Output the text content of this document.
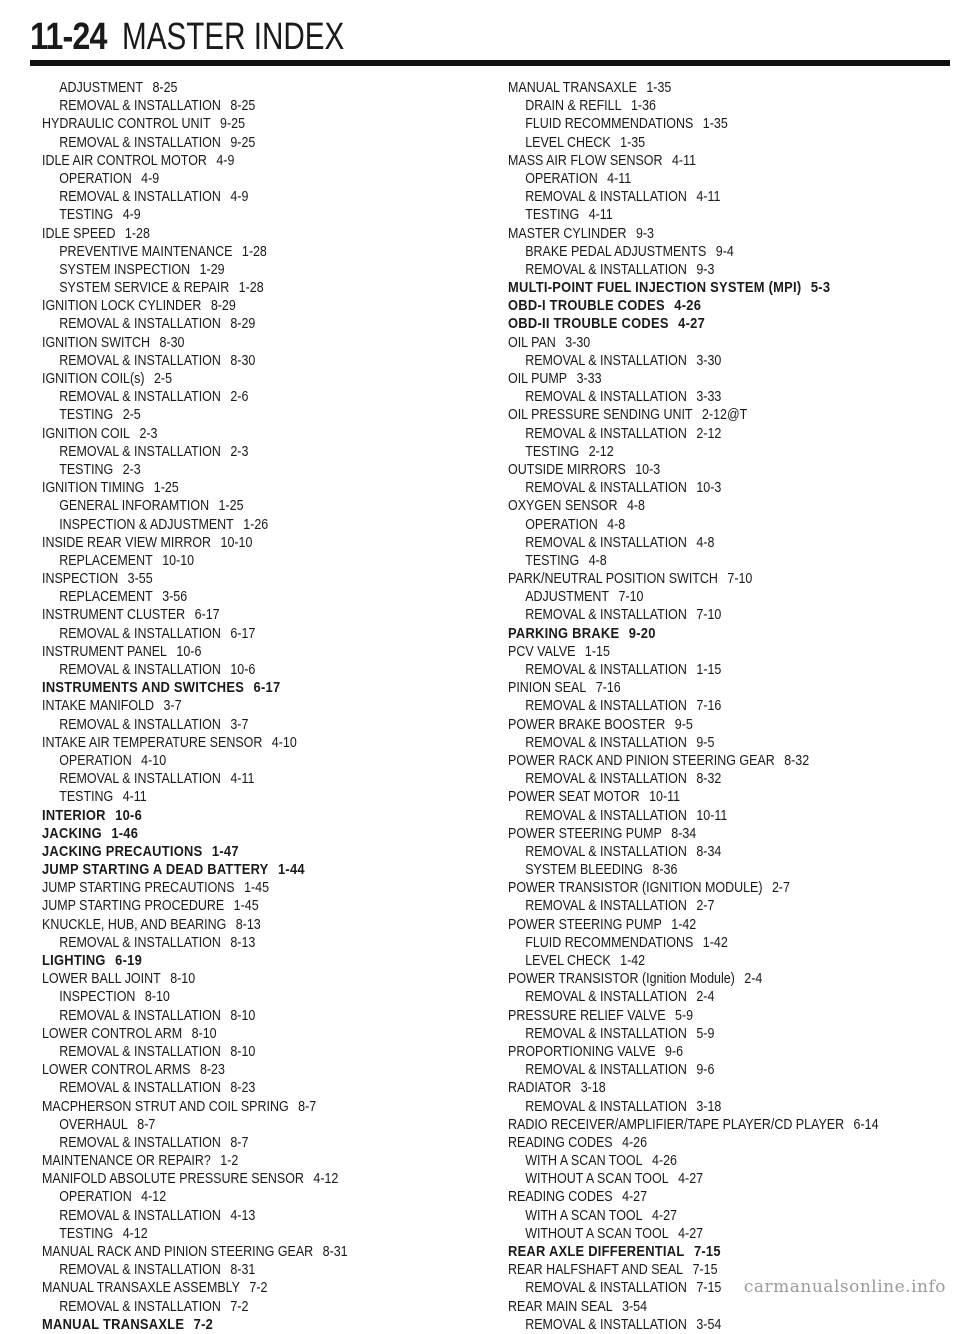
11-24 MASTER INDEX
ADJUSTMENT 8-25
REMOVAL & INSTALLATION 8-25
HYDRAULIC CONTROL UNIT 9-25
REMOVAL & INSTALLATION 9-25
IDLE AIR CONTROL MOTOR 4-9
OPERATION 4-9
REMOVAL & INSTALLATION 4-9
TESTING 4-9
IDLE SPEED 1-28
PREVENTIVE MAINTENANCE 1-28
SYSTEM INSPECTION 1-29
SYSTEM SERVICE & REPAIR 1-28
IGNITION LOCK CYLINDER 8-29
REMOVAL & INSTALLATION 8-29
IGNITION SWITCH 8-30
REMOVAL & INSTALLATION 8-30
IGNITION COIL(s) 2-5
REMOVAL & INSTALLATION 2-6
TESTING 2-5
IGNITION COIL 2-3
REMOVAL & INSTALLATION 2-3
TESTING 2-3
IGNITION TIMING 1-25
GENERAL INFORAMTION 1-25
INSPECTION & ADJUSTMENT 1-26
INSIDE REAR VIEW MIRROR 10-10
REPLACEMENT 10-10
INSPECTION 3-55
REPLACEMENT 3-56
INSTRUMENT CLUSTER 6-17
REMOVAL & INSTALLATION 6-17
INSTRUMENT PANEL 10-6
REMOVAL & INSTALLATION 10-6
INSTRUMENTS AND SWITCHES 6-17
INTAKE MANIFOLD 3-7
REMOVAL & INSTALLATION 3-7
INTAKE AIR TEMPERATURE SENSOR 4-10
OPERATION 4-10
REMOVAL & INSTALLATION 4-11
TESTING 4-11
INTERIOR 10-6
JACKING 1-46
JACKING PRECAUTIONS 1-47
JUMP STARTING A DEAD BATTERY 1-44
JUMP STARTING PRECAUTIONS 1-45
JUMP STARTING PROCEDURE 1-45
KNUCKLE, HUB, AND BEARING 8-13
REMOVAL & INSTALLATION 8-13
LIGHTING 6-19
LOWER BALL JOINT 8-10
INSPECTION 8-10
REMOVAL & INSTALLATION 8-10
LOWER CONTROL ARM 8-10
REMOVAL & INSTALLATION 8-10
LOWER CONTROL ARMS 8-23
REMOVAL & INSTALLATION 8-23
MACPHERSON STRUT AND COIL SPRING 8-7
OVERHAUL 8-7
REMOVAL & INSTALLATION 8-7
MAINTENANCE OR REPAIR? 1-2
MANIFOLD ABSOLUTE PRESSURE SENSOR 4-12
OPERATION 4-12
REMOVAL & INSTALLATION 4-13
TESTING 4-12
MANUAL RACK AND PINION STEERING GEAR 8-31
REMOVAL & INSTALLATION 8-31
MANUAL TRANSAXLE ASSEMBLY 7-2
REMOVAL & INSTALLATION 7-2
MANUAL TRANSAXLE 7-2
MANUAL TRANSAXLE 1-35
DRAIN & REFILL 1-36
FLUID RECOMMENDATIONS 1-35
LEVEL CHECK 1-35
MASS AIR FLOW SENSOR 4-11
OPERATION 4-11
REMOVAL & INSTALLATION 4-11
TESTING 4-11
MASTER CYLINDER 9-3
BRAKE PEDAL ADJUSTMENTS 9-4
REMOVAL & INSTALLATION 9-3
MULTI-POINT FUEL INJECTION SYSTEM (MPI) 5-3
OBD-I TROUBLE CODES 4-26
OBD-II TROUBLE CODES 4-27
OIL PAN 3-30
REMOVAL & INSTALLATION 3-30
OIL PUMP 3-33
REMOVAL & INSTALLATION 3-33
OIL PRESSURE SENDING UNIT 2-12@T
REMOVAL & INSTALLATION 2-12
TESTING 2-12
OUTSIDE MIRRORS 10-3
REMOVAL & INSTALLATION 10-3
OXYGEN SENSOR 4-8
OPERATION 4-8
REMOVAL & INSTALLATION 4-8
TESTING 4-8
PARK/NEUTRAL POSITION SWITCH 7-10
ADJUSTMENT 7-10
REMOVAL & INSTALLATION 7-10
PARKING BRAKE 9-20
PCV VALVE 1-15
REMOVAL & INSTALLATION 1-15
PINION SEAL 7-16
REMOVAL & INSTALLATION 7-16
POWER BRAKE BOOSTER 9-5
REMOVAL & INSTALLATION 9-5
POWER RACK AND PINION STEERING GEAR 8-32
REMOVAL & INSTALLATION 8-32
POWER SEAT MOTOR 10-11
REMOVAL & INSTALLATION 10-11
POWER STEERING PUMP 8-34
REMOVAL & INSTALLATION 8-34
SYSTEM BLEEDING 8-36
POWER TRANSISTOR (IGNITION MODULE) 2-7
REMOVAL & INSTALLATION 2-7
POWER STEERING PUMP 1-42
FLUID RECOMMENDATIONS 1-42
LEVEL CHECK 1-42
POWER TRANSISTOR (Ignition Module) 2-4
REMOVAL & INSTALLATION 2-4
PRESSURE RELIEF VALVE 5-9
REMOVAL & INSTALLATION 5-9
PROPORTIONING VALVE 9-6
REMOVAL & INSTALLATION 9-6
RADIATOR 3-18
REMOVAL & INSTALLATION 3-18
RADIO RECEIVER/AMPLIFIER/TAPE PLAYER/CD PLAYER 6-14
READING CODES 4-26
WITH A SCAN TOOL 4-26
WITHOUT A SCAN TOOL 4-27
READING CODES 4-27
WITH A SCAN TOOL 4-27
WITHOUT A SCAN TOOL 4-27
REAR AXLE DIFFERENTIAL 7-15
REAR HALFSHAFT AND SEAL 7-15
REMOVAL & INSTALLATION 7-15
REAR MAIN SEAL 3-54
REMOVAL & INSTALLATION 3-54
carmanualsonline.info
